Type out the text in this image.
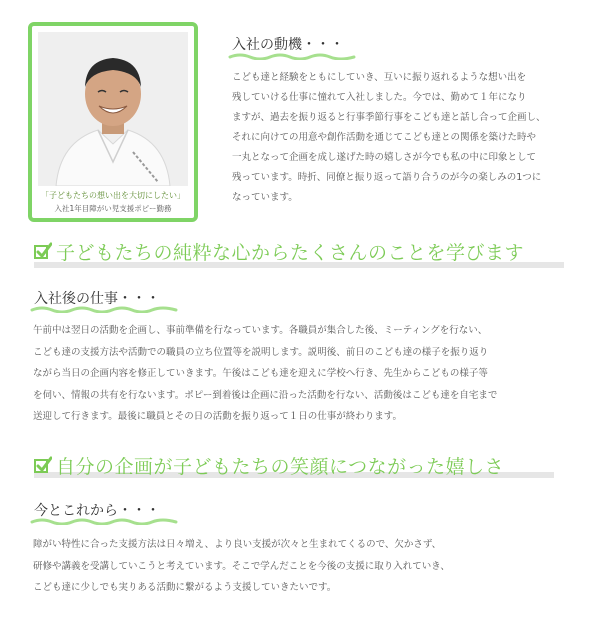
「子どもたちの想い出を大切にしたい」
入社1年目障がい児支援ポピー勤務
入社の動機・・・
こども達と経験をともにしていき、互いに振り返れるような想い出を
残していける仕事に憧れて入社しました。今では、勤めて１年になり
ますが、過去を振り返ると行事季節行事をこども達と話し合って企画し、
それに向けての用意や創作活動を通じてこども達との関係を築けた時や
一丸となって企画を成し遂げた時の嬉しさが今でも私の中に印象として
残っています。時折、同僚と振り返って語り合うのが今の楽しみの1つに
なっています。
子どもたちの純粋な心からたくさんのことを学びます
入社後の仕事・・・
午前中は翌日の活動を企画し、事前準備を行なっています。各職員が集合した後、ミーティングを行ない、
こども達の支援方法や活動での職員の立ち位置等を説明します。説明後、前日のこども達の様子を振り返り
ながら当日の企画内容を修正していきます。午後はこども達を迎えに学校へ行き、先生からこどもの様子等
を伺い、情報の共有を行ないます。ポピー到着後は企画に沿った活動を行ない、活動後はこども達を自宅まで
送迎して行きます。最後に職員とその日の活動を振り返って１日の仕事が終わります。
自分の企画が子どもたちの笑顔につながった嬉しさ
今とこれから・・・
障がい特性に合った支援方法は日々増え、より良い支援が次々と生まれてくるので、欠かさず、
研修や講義を受講していこうと考えています。そこで学んだことを今後の支援に取り入れていき、
こども達に少しでも実りある活動に繋がるよう支援していきたいです。
